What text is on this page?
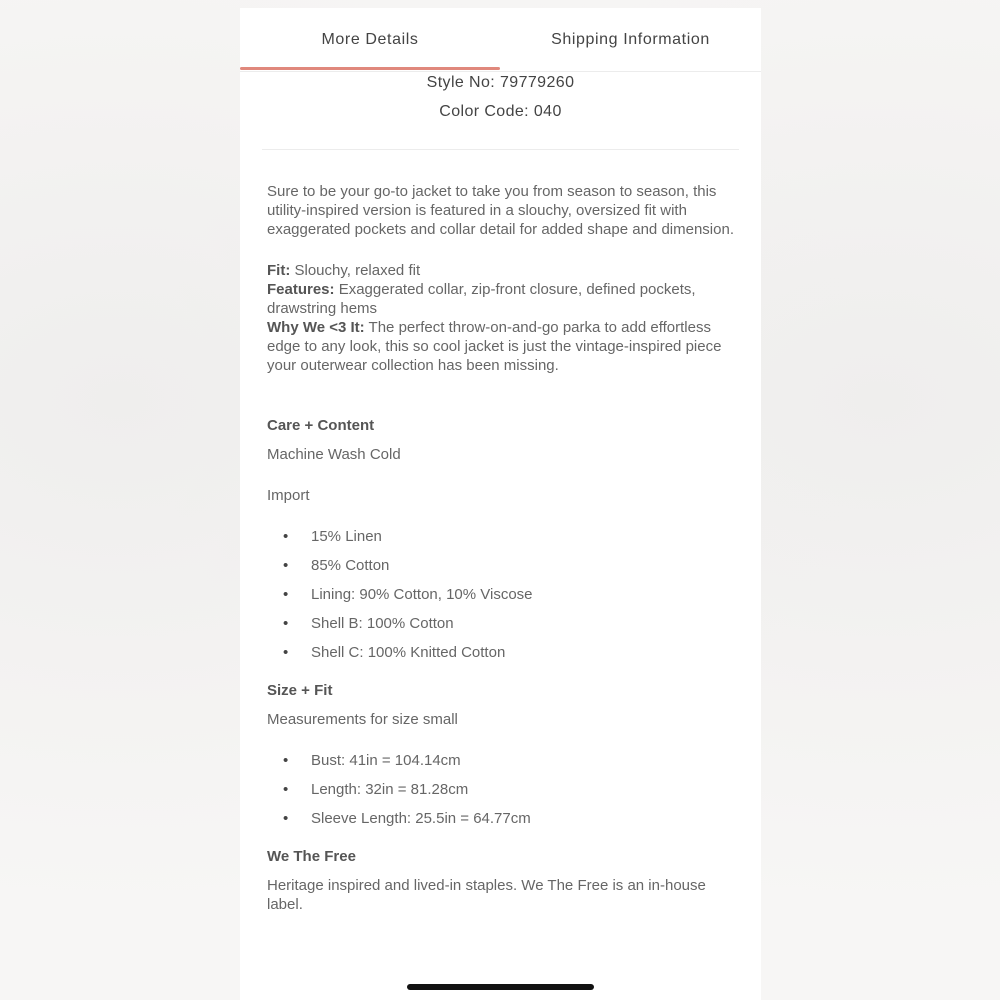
More Details	Shipping Information
Style No: 79779260
Color Code: 040

Sure to be your go-to jacket to take you from season to season, this utility-inspired version is featured in a slouchy, oversized fit with exaggerated pockets and collar detail for added shape and dimension.

Fit: Slouchy, relaxed fit

Features: Exaggerated collar, zip-front closure, defined pockets, drawstring hems

Why We <3 It: The perfect throw-on-and-go parka to add effortless edge to any look, this so cool jacket is just the vintage-inspired piece your outerwear collection has been missing.

Care + Content

Machine Wash Cold

Import

• 15% Linen
• 85% Cotton
• Lining: 90% Cotton, 10% Viscose
• Shell B: 100% Cotton
• Shell C: 100% Knitted Cotton

Size + Fit

Measurements for size small

• Bust: 41in = 104.14cm
• Length: 32in = 81.28cm
• Sleeve Length: 25.5in = 64.77cm

We The Free

Heritage inspired and lived-in staples. We The Free is an in-house label.
